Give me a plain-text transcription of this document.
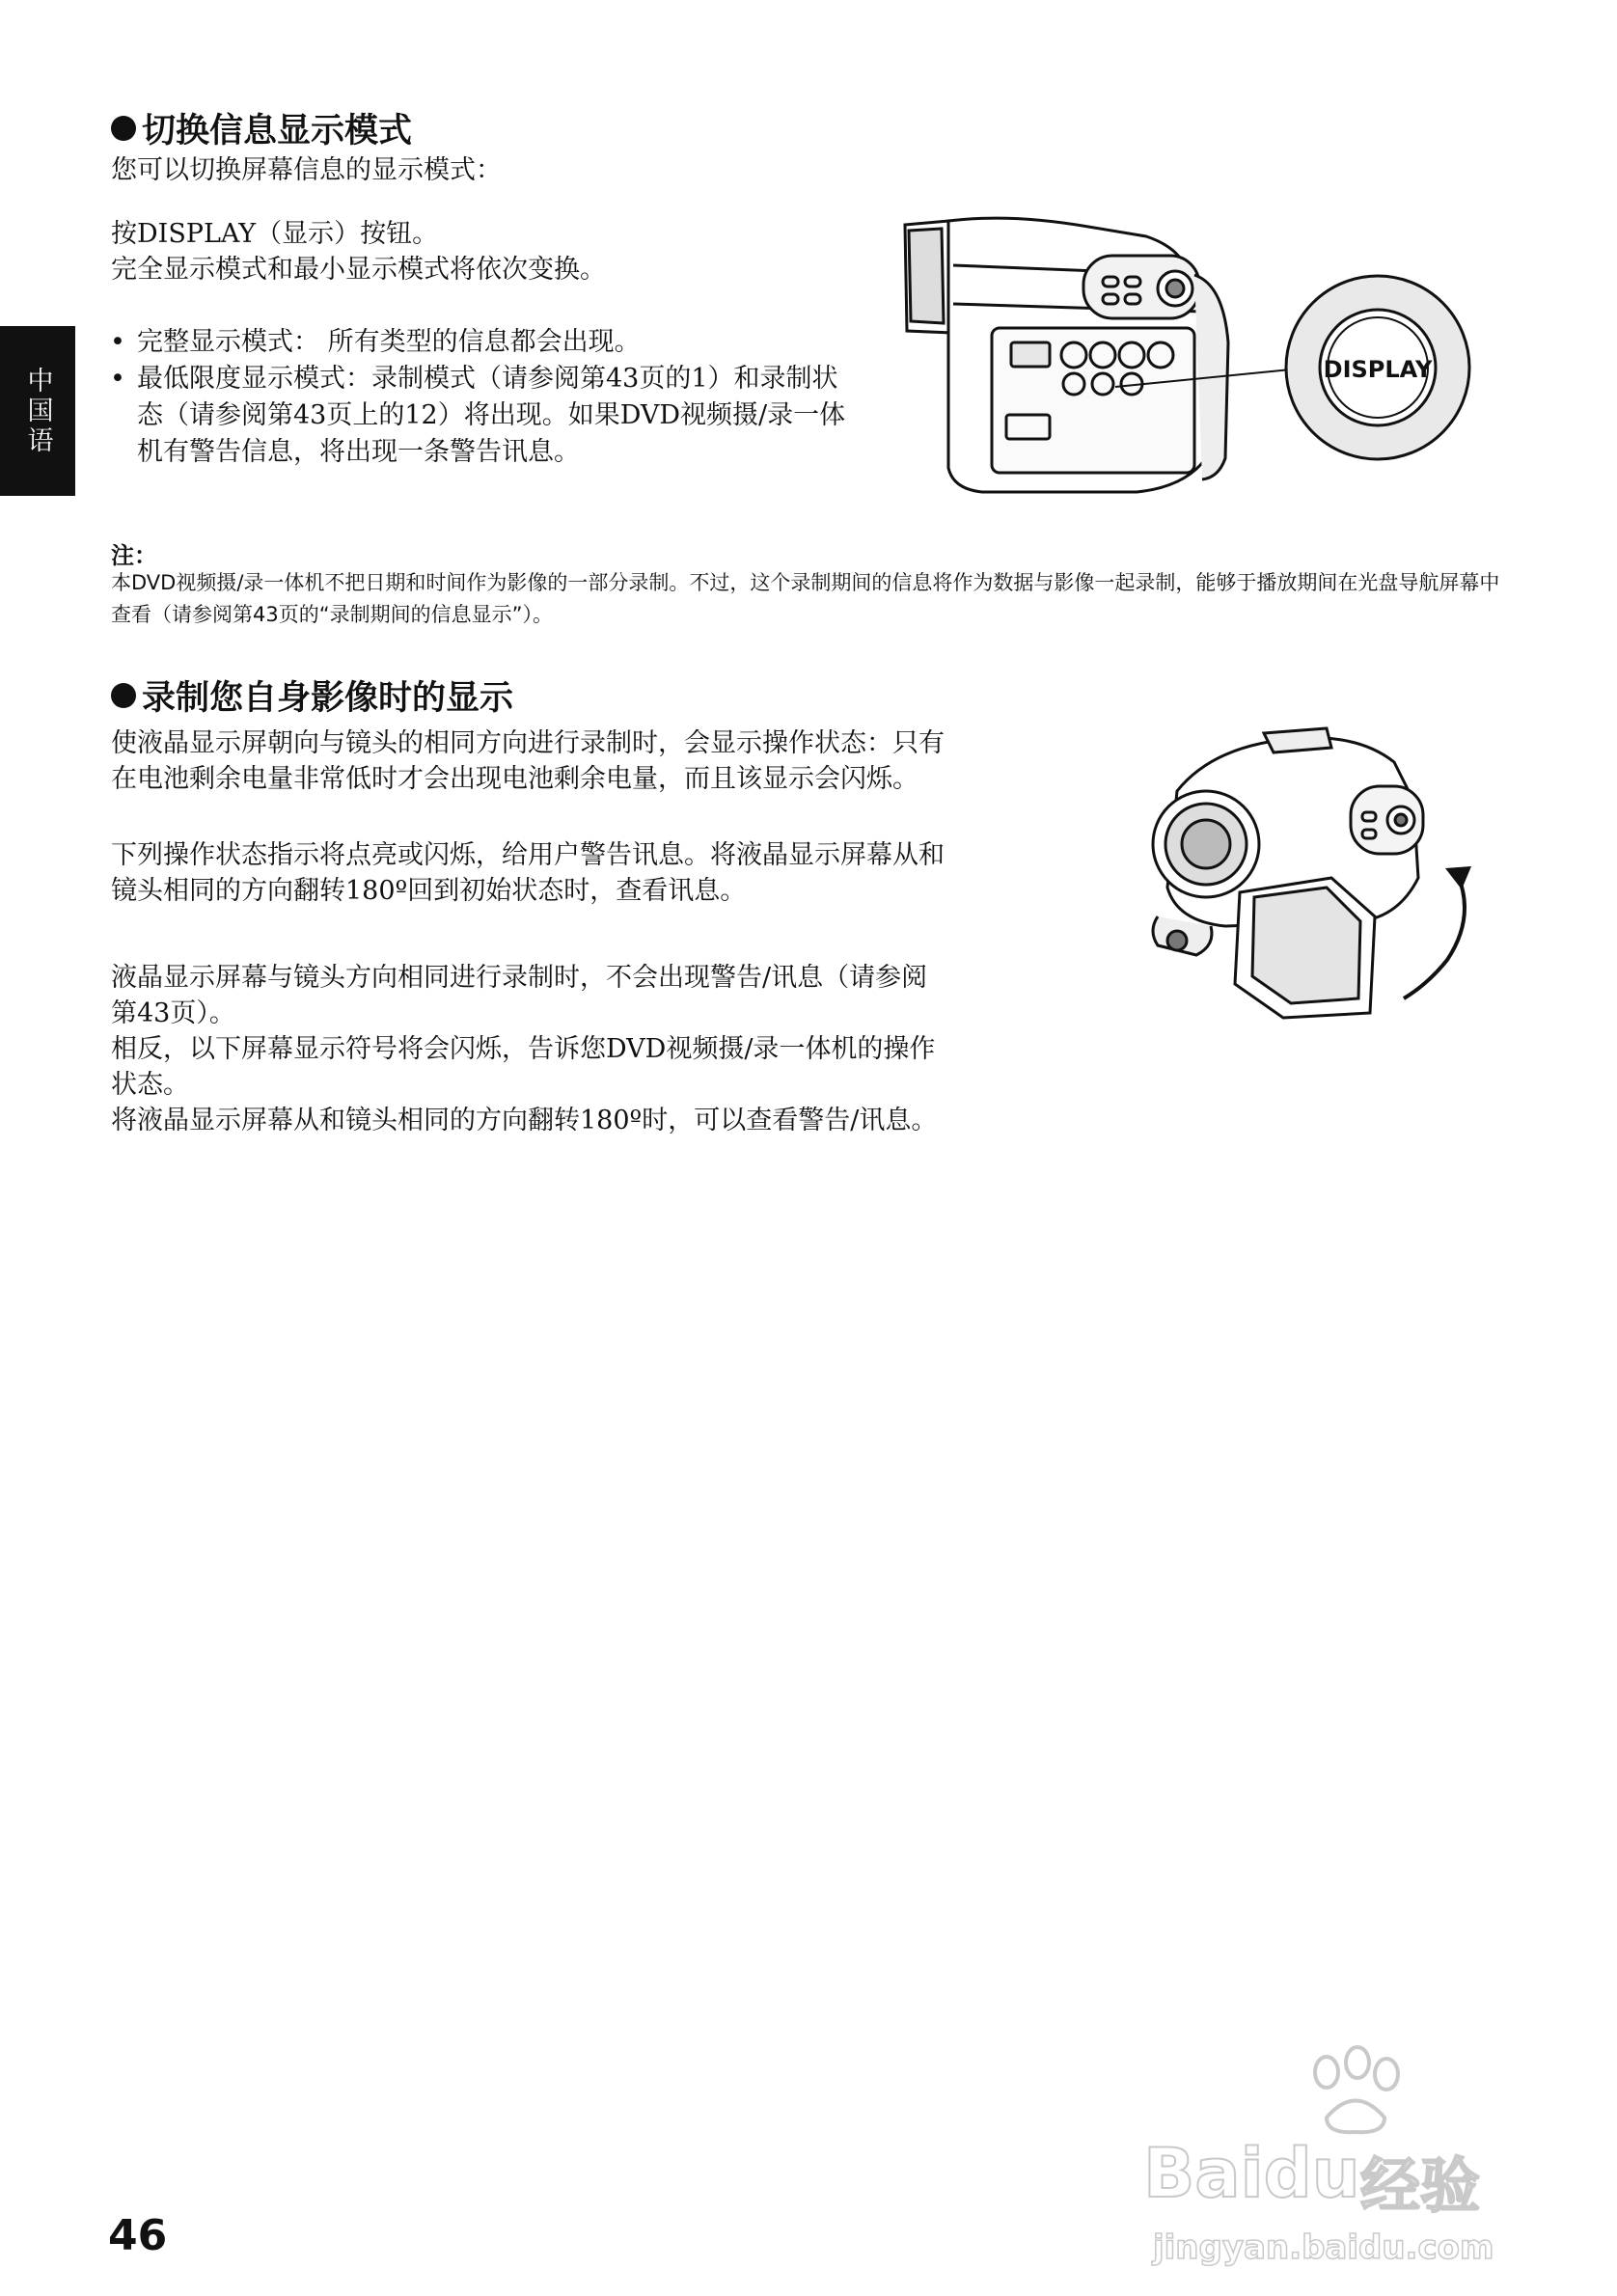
中国语
切换信息显示模式

您可以切换屏幕信息的显示模式：

按DISPLAY（显示）按钮。

完全显示模式和最小显示模式将依次变换。

• 完整显示模式： 所有类型的信息都会出现。
• 最低限度显示模式：录制模式（请参阅第43页的1）和录制状态（请参阅第43页上的12）将出现。如果DVD视频摄/录一体机有警告信息，将出现一条警告讯息。
DISPLAY

注：

本DVD视频摄/录一体机不把日期和时间作为影像的一部分录制。不过，这个录制期间的信息将作为数据与影像一起录制，能够于播放期间在光盘导航屏幕中查看（请参阅第43页的“录制期间的信息显示”）。

录制您自身影像时的显示

使液晶显示屏朝向与镜头的相同方向进行录制时，会显示操作状态：只有

在电池剩余电量非常低时才会出现电池剩余电量，而且该显示会闪烁。

下列操作状态指示将点亮或闪烁，给用户警告讯息。将液晶显示屏幕从和

镜头相同的方向翻转180º回到初始状态时，查看讯息。

液晶显示屏幕与镜头方向相同进行录制时，不会出现警告/讯息（请参阅

第43页）。

相反，以下屏幕显示符号将会闪烁，告诉您DVD视频摄/录一体机的操作

状态。

将液晶显示屏幕从和镜头相同的方向翻转180º时，可以查看警告/讯息。

46
Baidu 经验
jingyan.baidu.com
